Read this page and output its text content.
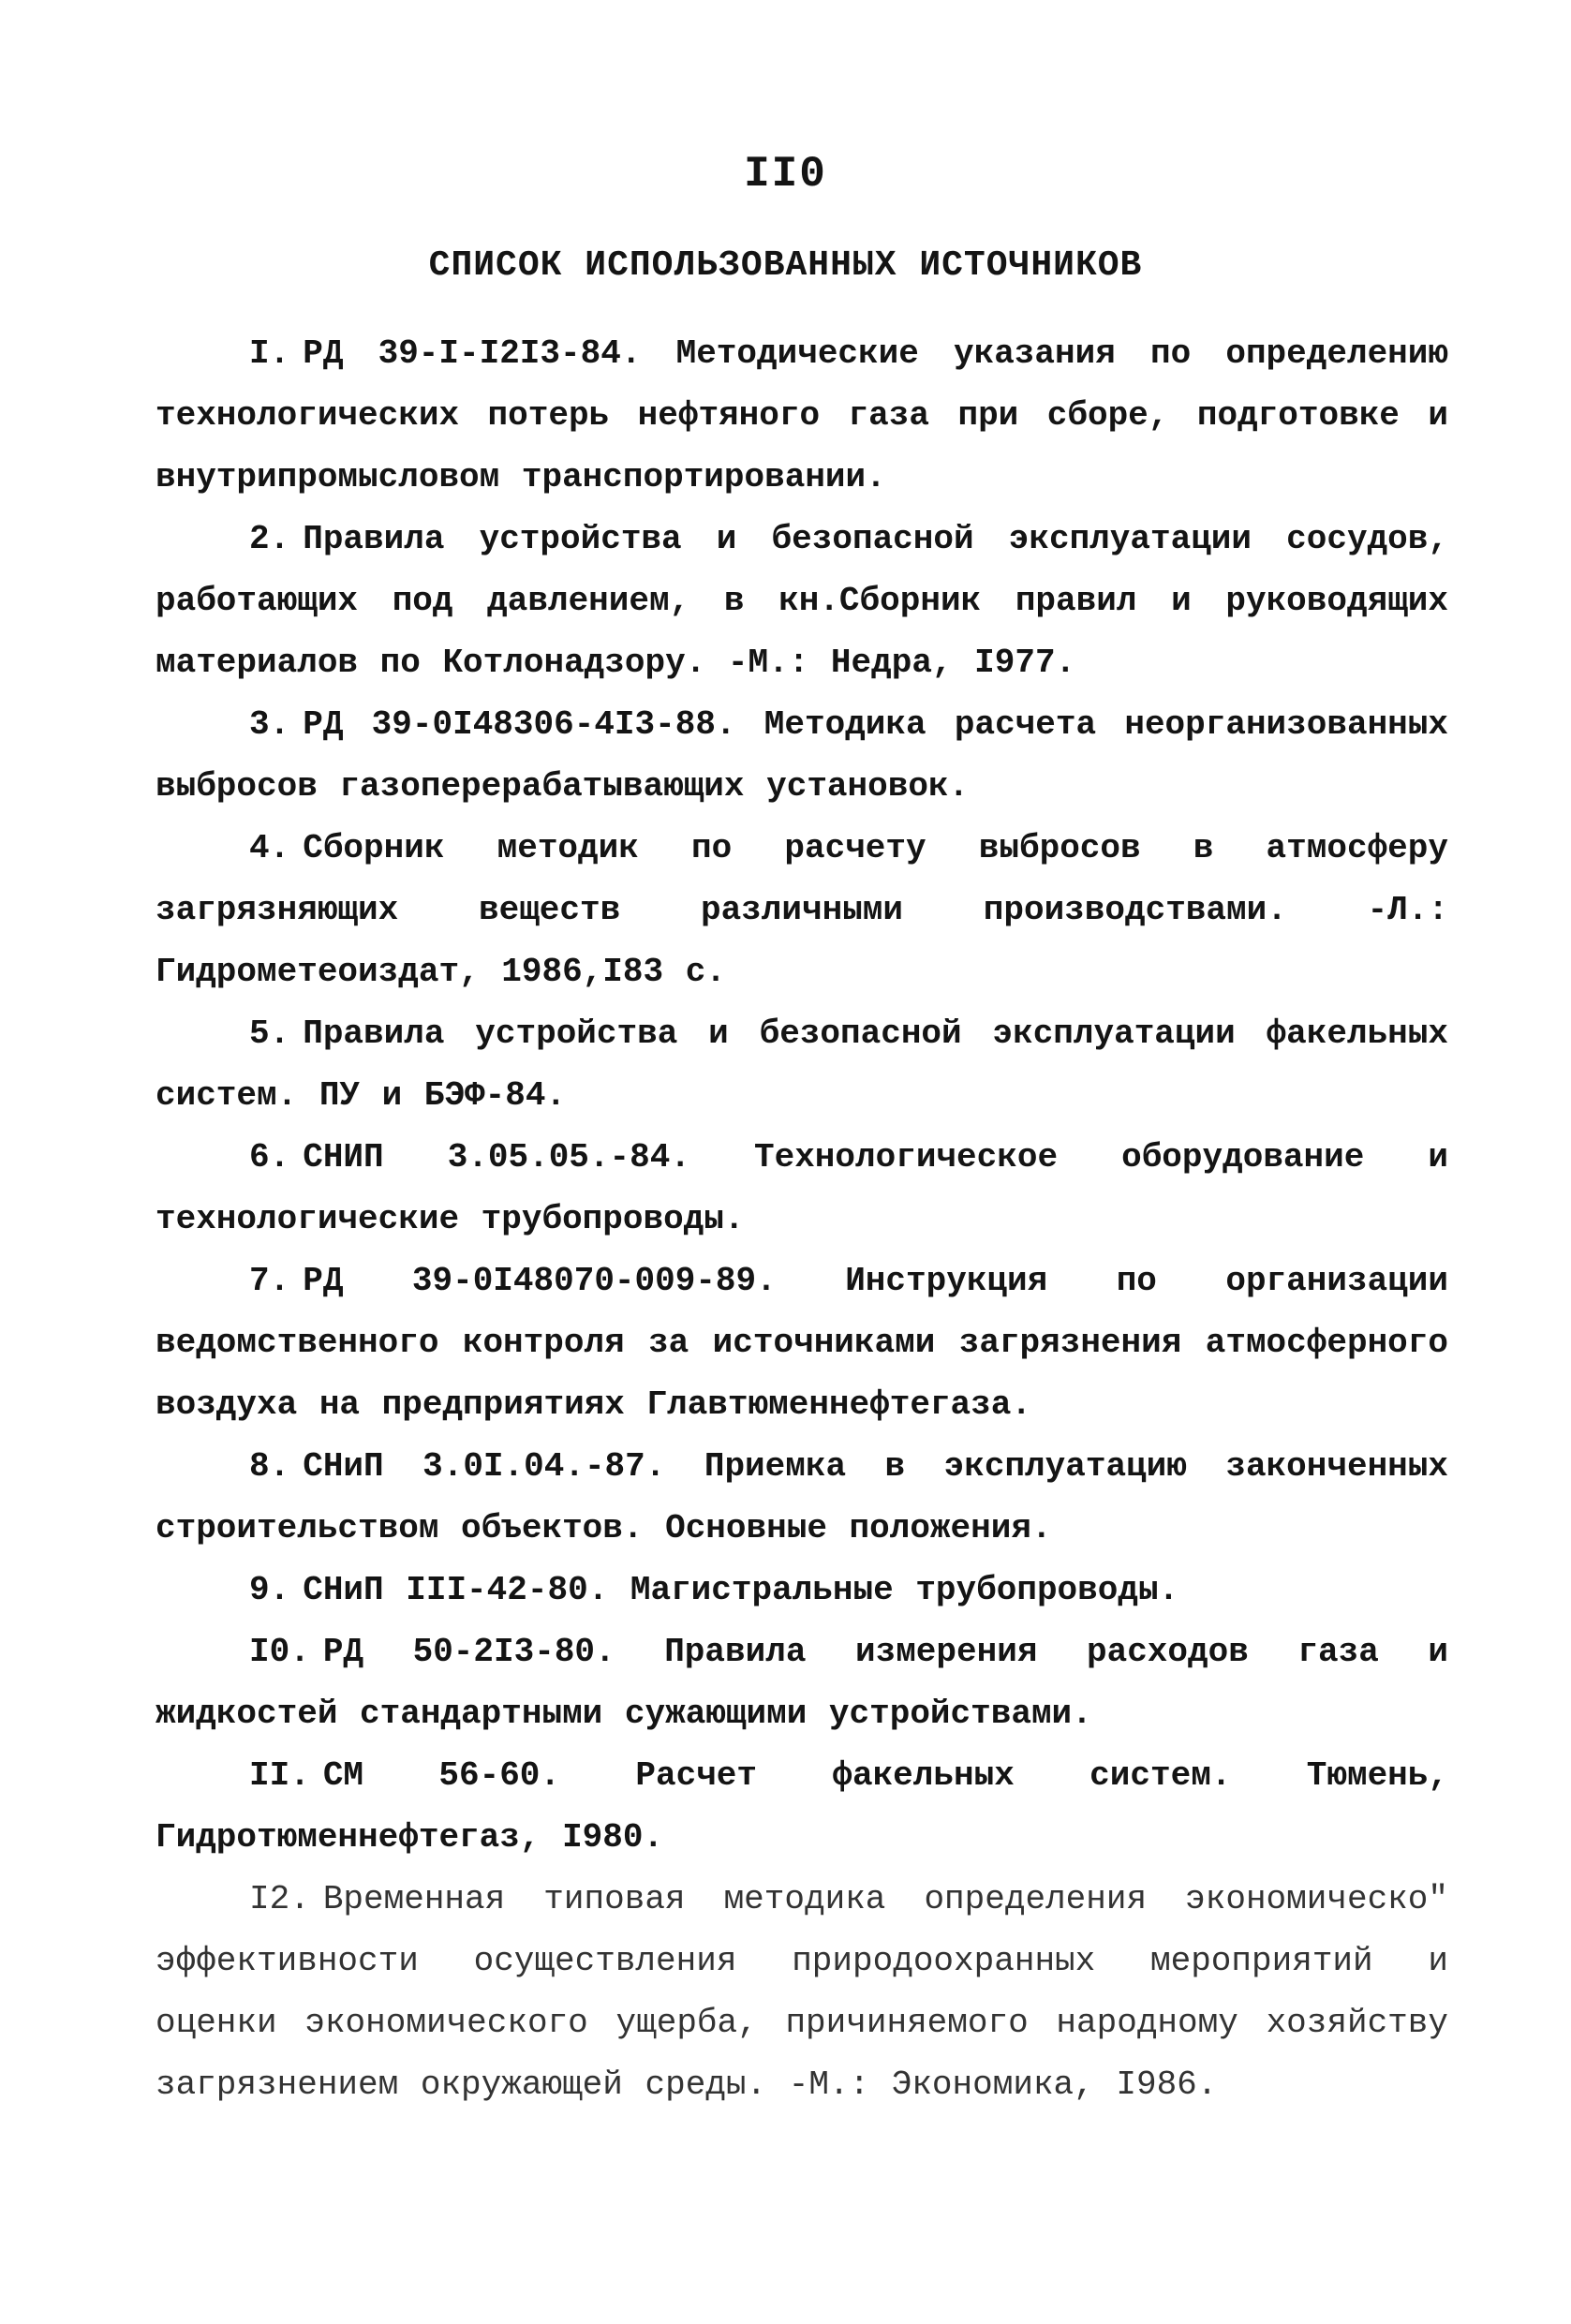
II0
СПИСОК ИСПОЛЬЗОВАННЫХ ИСТОЧНИКОВ
I. РД 39-I-I2I3-84. Методические указания по определению технологических потерь нефтяного газа при сборе, подготовке и внутрипромысловом транспортировании.
2. Правила устройства и безопасной эксплуатации сосудов, работающих под давлением, в кн.Сборник правил и руководящих материалов по Котлонадзору. -М.: Недра, I977.
3. РД 39-0I48306-4I3-88. Методика расчета неорганизованных выбросов газоперерабатывающих установок.
4. Сборник методик по расчету выбросов в атмосферу загрязняющих веществ различными производствами. -Л.: Гидрометеоиздат, 1986,I83 с.
5. Правила устройства и безопасной эксплуатации факельных систем. ПУ и БЭФ-84.
6. СНИП 3.05.05.-84. Технологическое оборудование и технологические трубопроводы.
7. РД 39-0I48070-009-89. Инструкция по организации ведомственного контроля за источниками загрязнения атмосферного воздуха на предприятиях Главтюменнефтегаза.
8. СНиП 3.0I.04.-87. Приемка в эксплуатацию законченных строительством объектов. Основные положения.
9. СНиП III-42-80. Магистральные трубопроводы.
I0. РД 50-2I3-80. Правила измерения расходов газа и жидкостей стандартными сужающими устройствами.
II. СМ 56-60. Расчет факельных систем. Тюмень, Гидротюменнефтегаз, I980.
I2. Временная типовая методика определения экономическо" эффективности осуществления природоохранных мероприятий и оценки экономического ущерба, причиняемого народному хозяйству загрязнением окружающей среды. -М.: Экономика, I986.
